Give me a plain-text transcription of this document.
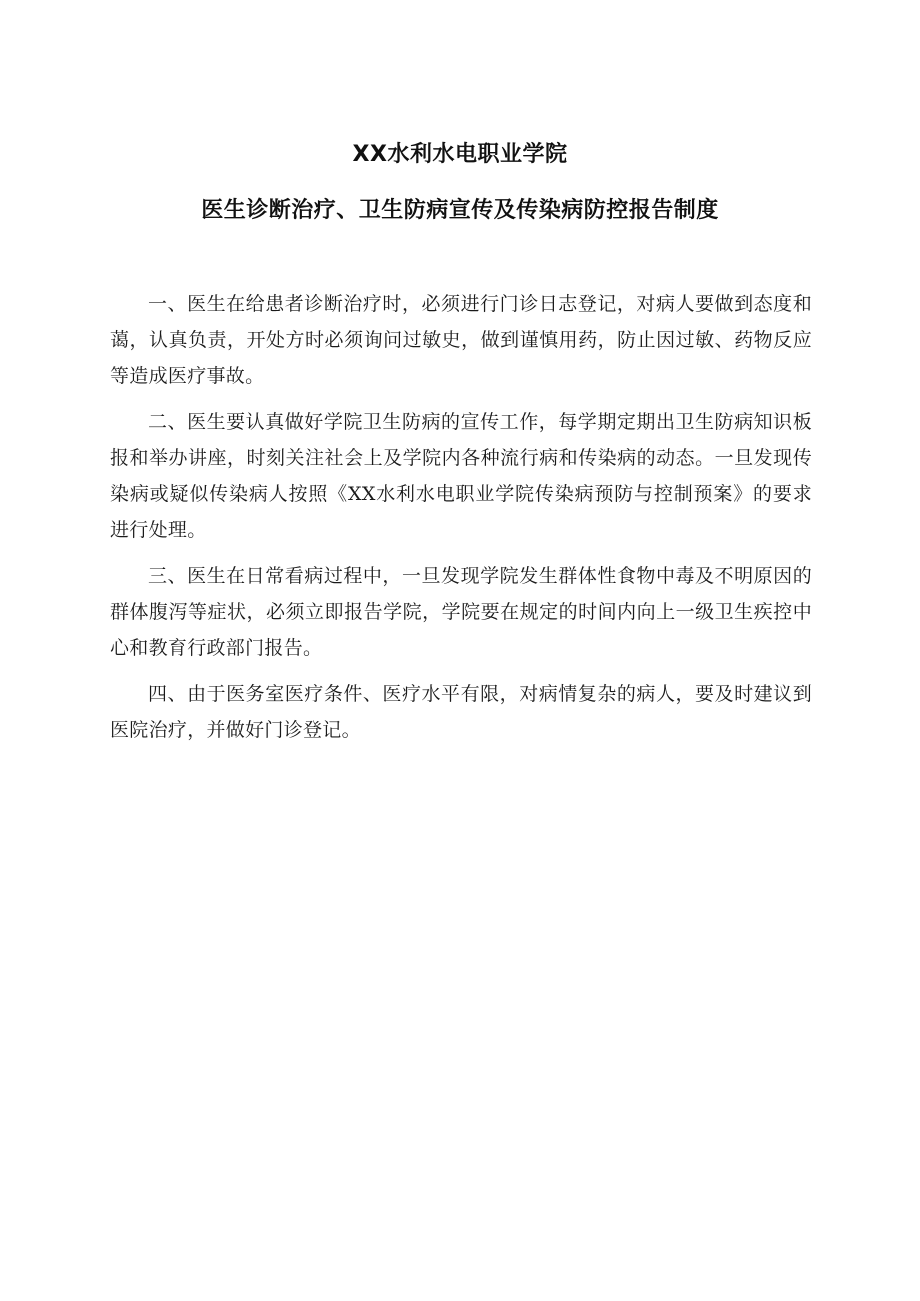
XX水利水电职业学院

医生诊断治疗、卫生防病宣传及传染病防控报告制度

一、医生在给患者诊断治疗时，必须进行门诊日志登记，对病人要做到态度和蔼，认真负责，开处方时必须询问过敏史，做到谨慎用药，防止因过敏、药物反应等造成医疗事故。

二、医生要认真做好学院卫生防病的宣传工作，每学期定期出卫生防病知识板报和举办讲座，时刻关注社会上及学院内各种流行病和传染病的动态。一旦发现传染病或疑似传染病人按照《XX水利水电职业学院传染病预防与控制预案》的要求进行处理。

三、医生在日常看病过程中，一旦发现学院发生群体性食物中毒及不明原因的群体腹泻等症状，必须立即报告学院，学院要在规定的时间内向上一级卫生疾控中心和教育行政部门报告。

四、由于医务室医疗条件、医疗水平有限，对病情复杂的病人，要及时建议到医院治疗，并做好门诊登记。
